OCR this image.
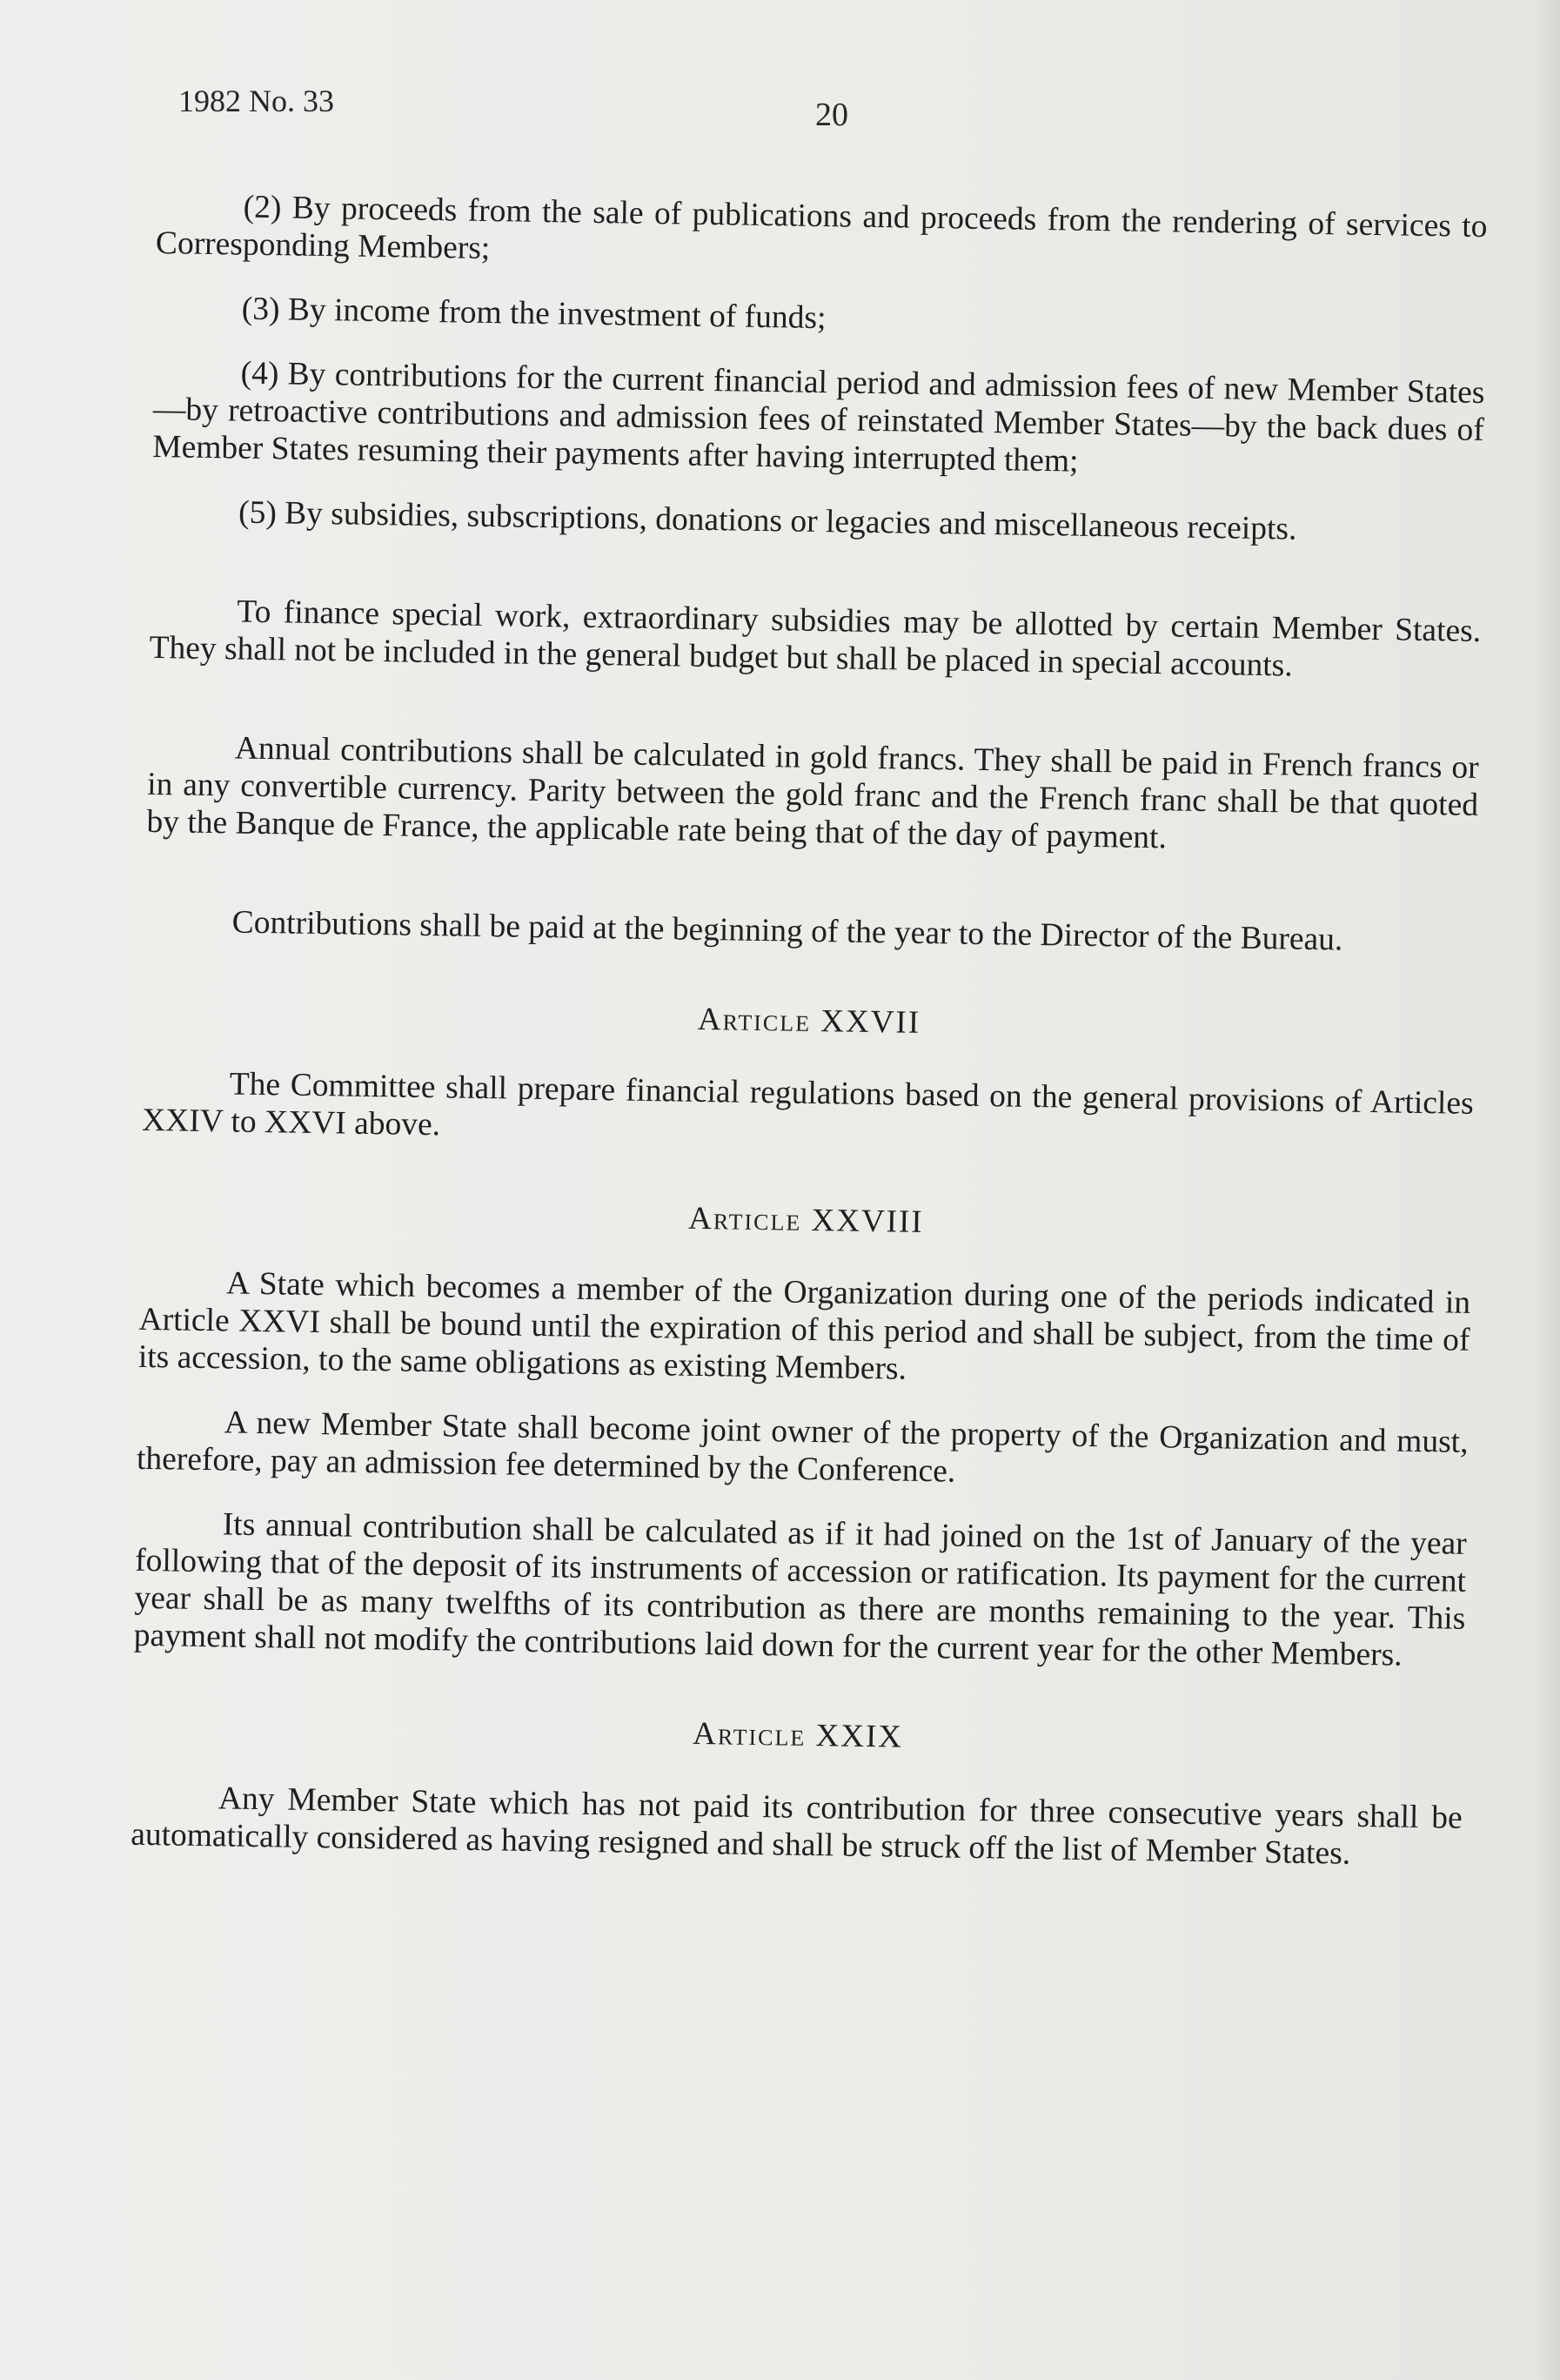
1982 No. 33	20

(2) By proceeds from the sale of publications and proceeds from the rendering of services to Corresponding Members;

(3) By income from the investment of funds;

(4) By contributions for the current financial period and admission fees of new Member States—by retroactive contributions and admission fees of reinstated Member States—by the back dues of Member States resuming their payments after having interrupted them;

(5) By subsidies, subscriptions, donations or legacies and miscellaneous receipts.

To finance special work, extraordinary subsidies may be allotted by certain Member States. They shall not be included in the general budget but shall be placed in special accounts.

Annual contributions shall be calculated in gold francs. They shall be paid in French francs or in any convertible currency. Parity between the gold franc and the French franc shall be that quoted by the Banque de France, the applicable rate being that of the day of payment.

Contributions shall be paid at the beginning of the year to the Director of the Bureau.

Article XXVII

The Committee shall prepare financial regulations based on the general provisions of Articles XXIV to XXVI above.

Article XXVIII

A State which becomes a member of the Organization during one of the periods indicated in Article XXVI shall be bound until the expiration of this period and shall be subject, from the time of its accession, to the same obligations as existing Members.

A new Member State shall become joint owner of the property of the Organization and must, therefore, pay an admission fee determined by the Conference.

Its annual contribution shall be calculated as if it had joined on the 1st of January of the year following that of the deposit of its instruments of accession or ratification. Its payment for the current year shall be as many twelfths of its contribution as there are months remaining to the year. This payment shall not modify the contributions laid down for the current year for the other Members.

Article XXIX

Any Member State which has not paid its contribution for three consecutive years shall be automatically considered as having resigned and shall be struck off the list of Member States.
